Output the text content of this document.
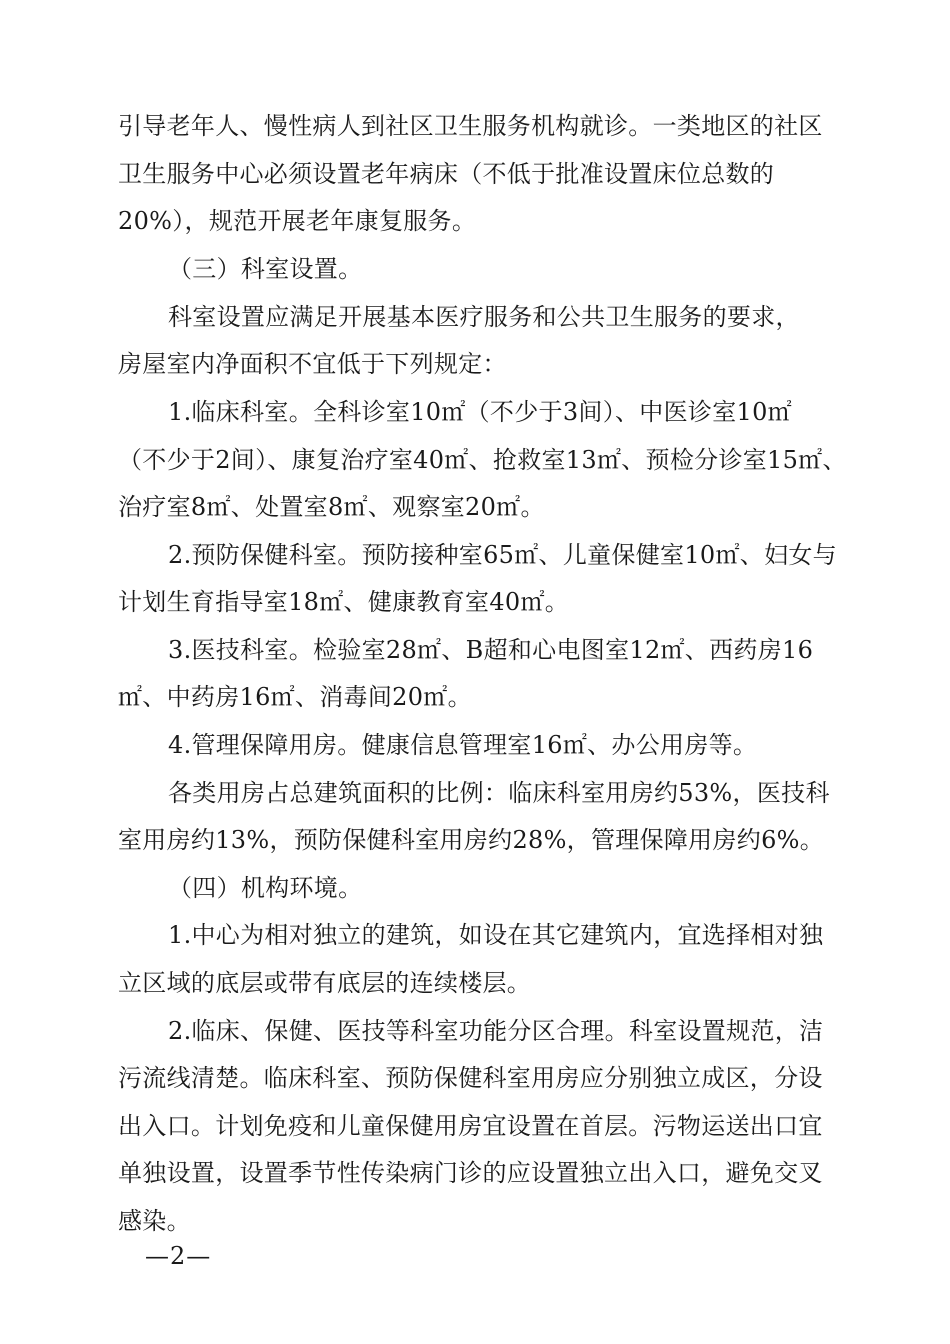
引导老年人、慢性病人到社区卫生服务机构就诊。一类地区的社区
卫生服务中心必须设置老年病床（不低于批准设置床位总数的
20%），规范开展老年康复服务。
（三）科室设置。
科室设置应满足开展基本医疗服务和公共卫生服务的要求，
房屋室内净面积不宜低于下列规定：
1.临床科室。全科诊室10㎡（不少于3间）、中医诊室10㎡
（不少于2间）、康复治疗室40㎡、抢救室13㎡、预检分诊室15㎡、
治疗室8㎡、处置室8㎡、观察室20㎡。
2.预防保健科室。预防接种室65㎡、儿童保健室10㎡、妇女与
计划生育指导室18㎡、健康教育室40㎡。
3.医技科室。检验室28㎡、B超和心电图室12㎡、西药房16
㎡、中药房16㎡、消毒间20㎡。
4.管理保障用房。健康信息管理室16㎡、办公用房等。
各类用房占总建筑面积的比例：临床科室用房约53%，医技科
室用房约13%，预防保健科室用房约28%，管理保障用房约6%。
（四）机构环境。
1.中心为相对独立的建筑，如设在其它建筑内，宜选择相对独
立区域的底层或带有底层的连续楼层。
2.临床、保健、医技等科室功能分区合理。科室设置规范，洁
污流线清楚。临床科室、预防保健科室用房应分别独立成区，分设
出入口。计划免疫和儿童保健用房宜设置在首层。污物运送出口宜
单独设置，设置季节性传染病门诊的应设置独立出入口，避免交叉
感染。
—2—
